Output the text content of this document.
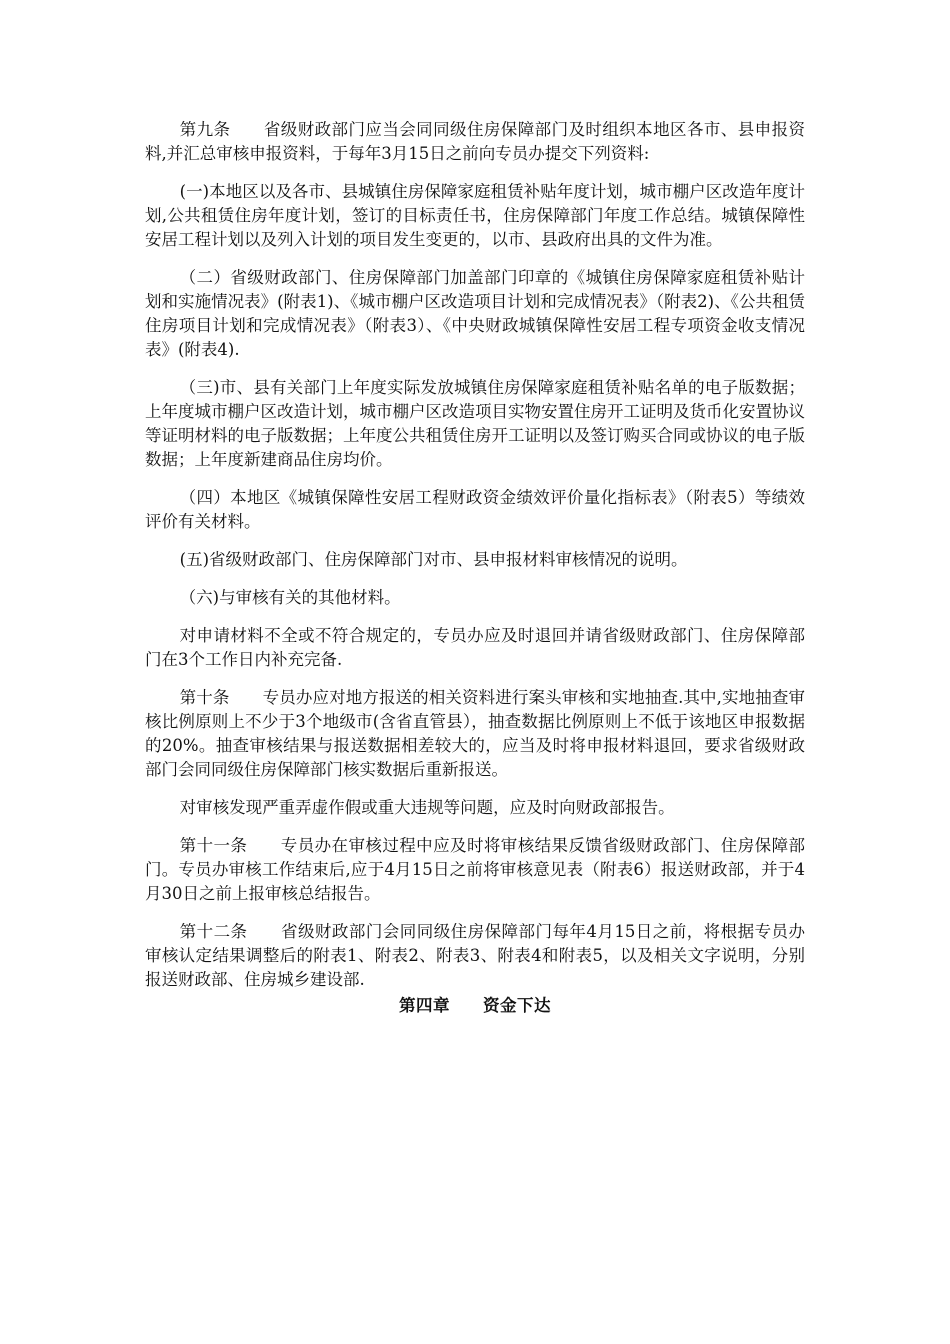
第九条 省级财政部门应当会同同级住房保障部门及时组织本地区各市、县申报资料,并汇总审核申报资料，于每年3月15日之前向专员办提交下列资料:

(一)本地区以及各市、县城镇住房保障家庭租赁补贴年度计划，城市棚户区改造年度计划,公共租赁住房年度计划，签订的目标责任书，住房保障部门年度工作总结。城镇保障性安居工程计划以及列入计划的项目发生变更的，以市、县政府出具的文件为准。

（二）省级财政部门、住房保障部门加盖部门印章的《城镇住房保障家庭租赁补贴计划和实施情况表》(附表1)、《城市棚户区改造项目计划和完成情况表》（附表2)、《公共租赁住房项目计划和完成情况表》（附表3）、《中央财政城镇保障性安居工程专项资金收支情况表》(附表4).

（三)市、县有关部门上年度实际发放城镇住房保障家庭租赁补贴名单的电子版数据；上年度城市棚户区改造计划，城市棚户区改造项目实物安置住房开工证明及货币化安置协议等证明材料的电子版数据；上年度公共租赁住房开工证明以及签订购买合同或协议的电子版数据；上年度新建商品住房均价。

（四）本地区《城镇保障性安居工程财政资金绩效评价量化指标表》（附表5）等绩效评价有关材料。

(五)省级财政部门、住房保障部门对市、县申报材料审核情况的说明。

（六)与审核有关的其他材料。

对申请材料不全或不符合规定的，专员办应及时退回并请省级财政部门、住房保障部门在3个工作日内补充完备.

第十条 专员办应对地方报送的相关资料进行案头审核和实地抽查.其中,实地抽查审核比例原则上不少于3个地级市(含省直管县），抽查数据比例原则上不低于该地区申报数据的20%。抽查审核结果与报送数据相差较大的，应当及时将申报材料退回，要求省级财政部门会同同级住房保障部门核实数据后重新报送。

对审核发现严重弄虚作假或重大违规等问题，应及时向财政部报告。

第十一条 专员办在审核过程中应及时将审核结果反馈省级财政部门、住房保障部门。专员办审核工作结束后,应于4月15日之前将审核意见表（附表6）报送财政部，并于4月30日之前上报审核总结报告。

第十二条 省级财政部门会同同级住房保障部门每年4月15日之前，将根据专员办审核认定结果调整后的附表1、附表2、附表3、附表4和附表5，以及相关文字说明，分别报送财政部、住房城乡建设部.

第四章 资金下达
